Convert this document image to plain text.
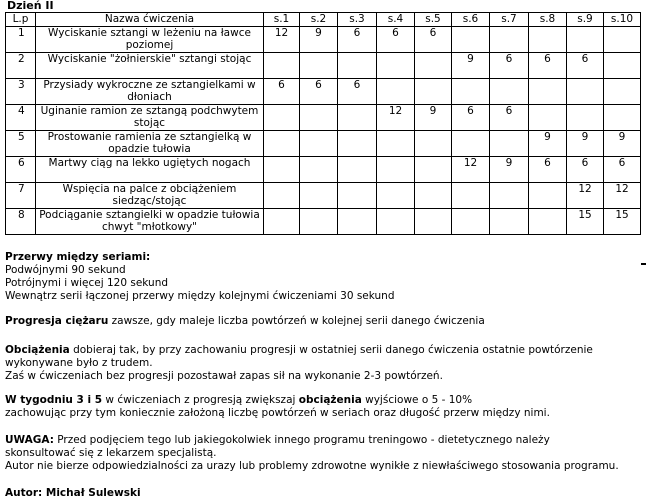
Dzień II
L.p	Nazwa ćwiczenia	s.1	s.2	s.3	s.4	s.5	s.6	s.7	s.8	s.9	s.10
1	Wyciskanie sztangi w leżeniu na ławce poziomej	12	9	6	6	6					
2	Wyciskanie "żołnierskie" sztangi stojąc						9	6	6	6	
3	Przysiady wykroczne ze sztangielkami w dłoniach	6	6	6							
4	Uginanie ramion ze sztangą podchwytem stojąc				12	9	6	6			
5	Prostowanie ramienia ze sztangielką w opadzie tułowia								9	9	9
6	Martwy ciąg na lekko ugiętych nogach						12	9	6	6	6
7	Wspięcia na palce z obciążeniem siedząc/stojąc									12	12
8	Podciąganie sztangielki w opadzie tułowia chwyt "młotkowy"									15	15
Przerwy między seriami:
Podwójnymi 90 sekund
Potrójnymi i więcej 120 sekund
Wewnątrz serii łączonej przerwy między kolejnymi ćwiczeniami 30 sekund
Progresja ciężaru zawsze, gdy maleje liczba powtórzeń w kolejnej serii danego ćwiczenia
Obciążenia dobieraj tak, by przy zachowaniu progresji w ostatniej serii danego ćwiczenia ostatnie powtórzenie
wykonywane było z trudem.
Zaś w ćwiczeniach bez progresji pozostawał zapas sił na wykonanie 2-3 powtórzeń.
W tygodniu 3 i 5 w ćwiczeniach z progresją zwiększaj obciążenia wyjściowe o 5 - 10%
zachowując przy tym koniecznie założoną liczbę powtórzeń w seriach oraz długość przerw między nimi.
UWAGA: Przed podjęciem tego lub jakiegokolwiek innego programu treningowo - dietetycznego należy
skonsultować się z lekarzem specjalistą.
Autor nie bierze odpowiedzialności za urazy lub problemy zdrowotne wynikłe z niewłaściwego stosowania programu.
Autor: Michał Sulewski
